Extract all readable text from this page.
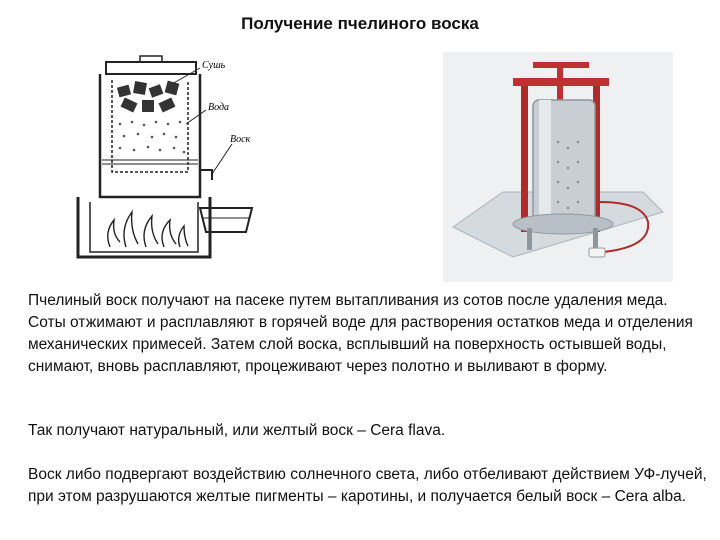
Получение пчелиного воска
Сушь
Вода
Воск
Пчелиный воск получают на пасеке путем вытапливания из сотов после удаления меда. Соты отжимают и расплавляют в горячей воде для растворения остатков меда и отделения механических примесей. Затем слой воска, всплывший на поверхность остывшей воды, снимают, вновь расплавляют, процеживают через полотно и выливают в форму.
Так получают натуральный, или желтый воск – Cera flava.
Воск либо подвергают воздействию солнечного света, либо отбеливают действием УФ-лучей, при этом разрушаются желтые пигменты – каротины, и получается белый воск – Cera alba.
